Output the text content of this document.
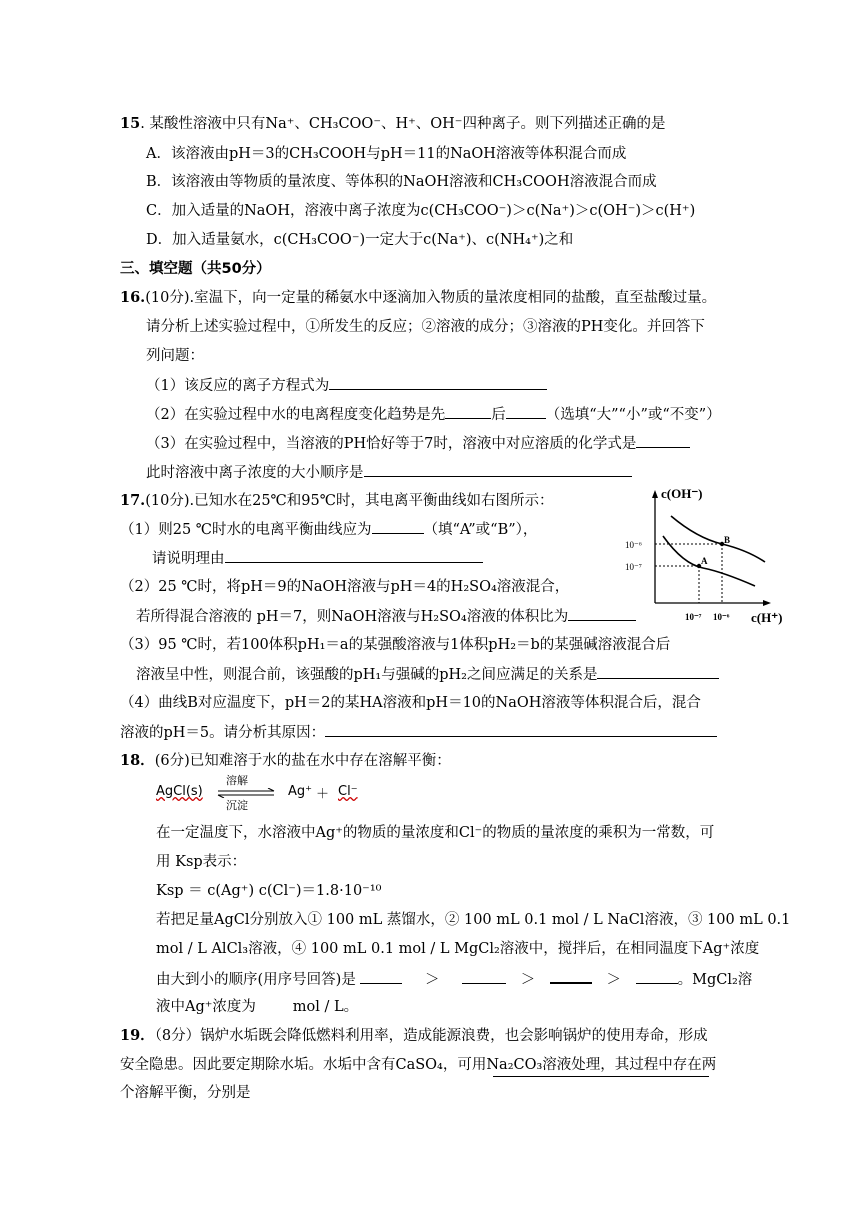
15. 某酸性溶液中只有Na⁺、CH₃COO⁻、H⁺、OH⁻四种离子。则下列描述正确的是
A．该溶液由pH＝3的CH₃COOH与pH＝11的NaOH溶液等体积混合而成
B．该溶液由等物质的量浓度、等体积的NaOH溶液和CH₃COOH溶液混合而成
C．加入适量的NaOH，溶液中离子浓度为c(CH₃COO⁻)＞c(Na⁺)＞c(OH⁻)＞c(H⁺)
D．加入适量氨水，c(CH₃COO⁻)一定大于c(Na⁺)、c(NH₄⁺)之和
三、填空题（共50分）
16.(10分).室温下，向一定量的稀氨水中逐滴加入物质的量浓度相同的盐酸，直至盐酸过量。
请分析上述实验过程中，①所发生的反应；②溶液的成分；③溶液的PH变化。并回答下
列问题：
（1）该反应的离子方程式为
（2）在实验过程中水的电离程度变化趋势是先	后	（选填“大”“小”或“不变”）
（3）在实验过程中，当溶液的PH恰好等于7时，溶液中对应溶质的化学式是
此时溶液中离子浓度的大小顺序是
17.(10分).已知水在25℃和95℃时，其电离平衡曲线如右图所示：
（1）则25 ℃时水的电离平衡曲线应为	（填“A”或“B”），
请说明理由
（2）25 ℃时，将pH＝9的NaOH溶液与pH＝4的H₂SO₄溶液混合，
若所得混合溶液的 pH＝7，则NaOH溶液与H₂SO₄溶液的体积比为
（3）95 ℃时，若100体积pH₁＝a的某强酸溶液与1体积pH₂＝b的某强碱溶液混合后
溶液呈中性，则混合前，该强酸的pH₁与强碱的pH₂之间应满足的关系是
（4）曲线B对应温度下，pH＝2的某HA溶液和pH＝10的NaOH溶液等体积混合后，混合
溶液的pH＝5。请分析其原因：
A
B
c(OH⁻)
c(H⁺)
10⁻⁶
10⁻⁷
10⁻⁷ 10⁻⁶
18．(6分)已知难溶于水的盐在水中存在溶解平衡：
AgCl(s)
溶解
沉淀
Ag⁺ ＋ Cl⁻
在一定温度下，水溶液中Ag⁺的物质的量浓度和Cl⁻的物质的量浓度的乘积为一常数，可
用 Ksp表示：
Ksp ＝ c(Ag⁺) c(Cl⁻)＝1.8·10⁻¹⁰
若把足量AgCl分别放入① 100 mL 蒸馏水，② 100 mL 0.1 mol / L NaCl溶液，③ 100 mL 0.1
mol / L AlCl₃溶液，④ 100 mL 0.1 mol / L MgCl₂溶液中，搅拌后，在相同温度下Ag⁺浓度
由大到小的顺序(用序号回答)是	＞	＞	＞	。MgCl₂溶
液中Ag⁺浓度为        mol / L。
19．（8分）锅炉水垢既会降低燃料利用率，造成能源浪费，也会影响锅炉的使用寿命，形成
安全隐患。因此要定期除水垢。水垢中含有CaSO₄，可用Na₂CO₃溶液处理，其过程中存在两
个溶解平衡，分别是
